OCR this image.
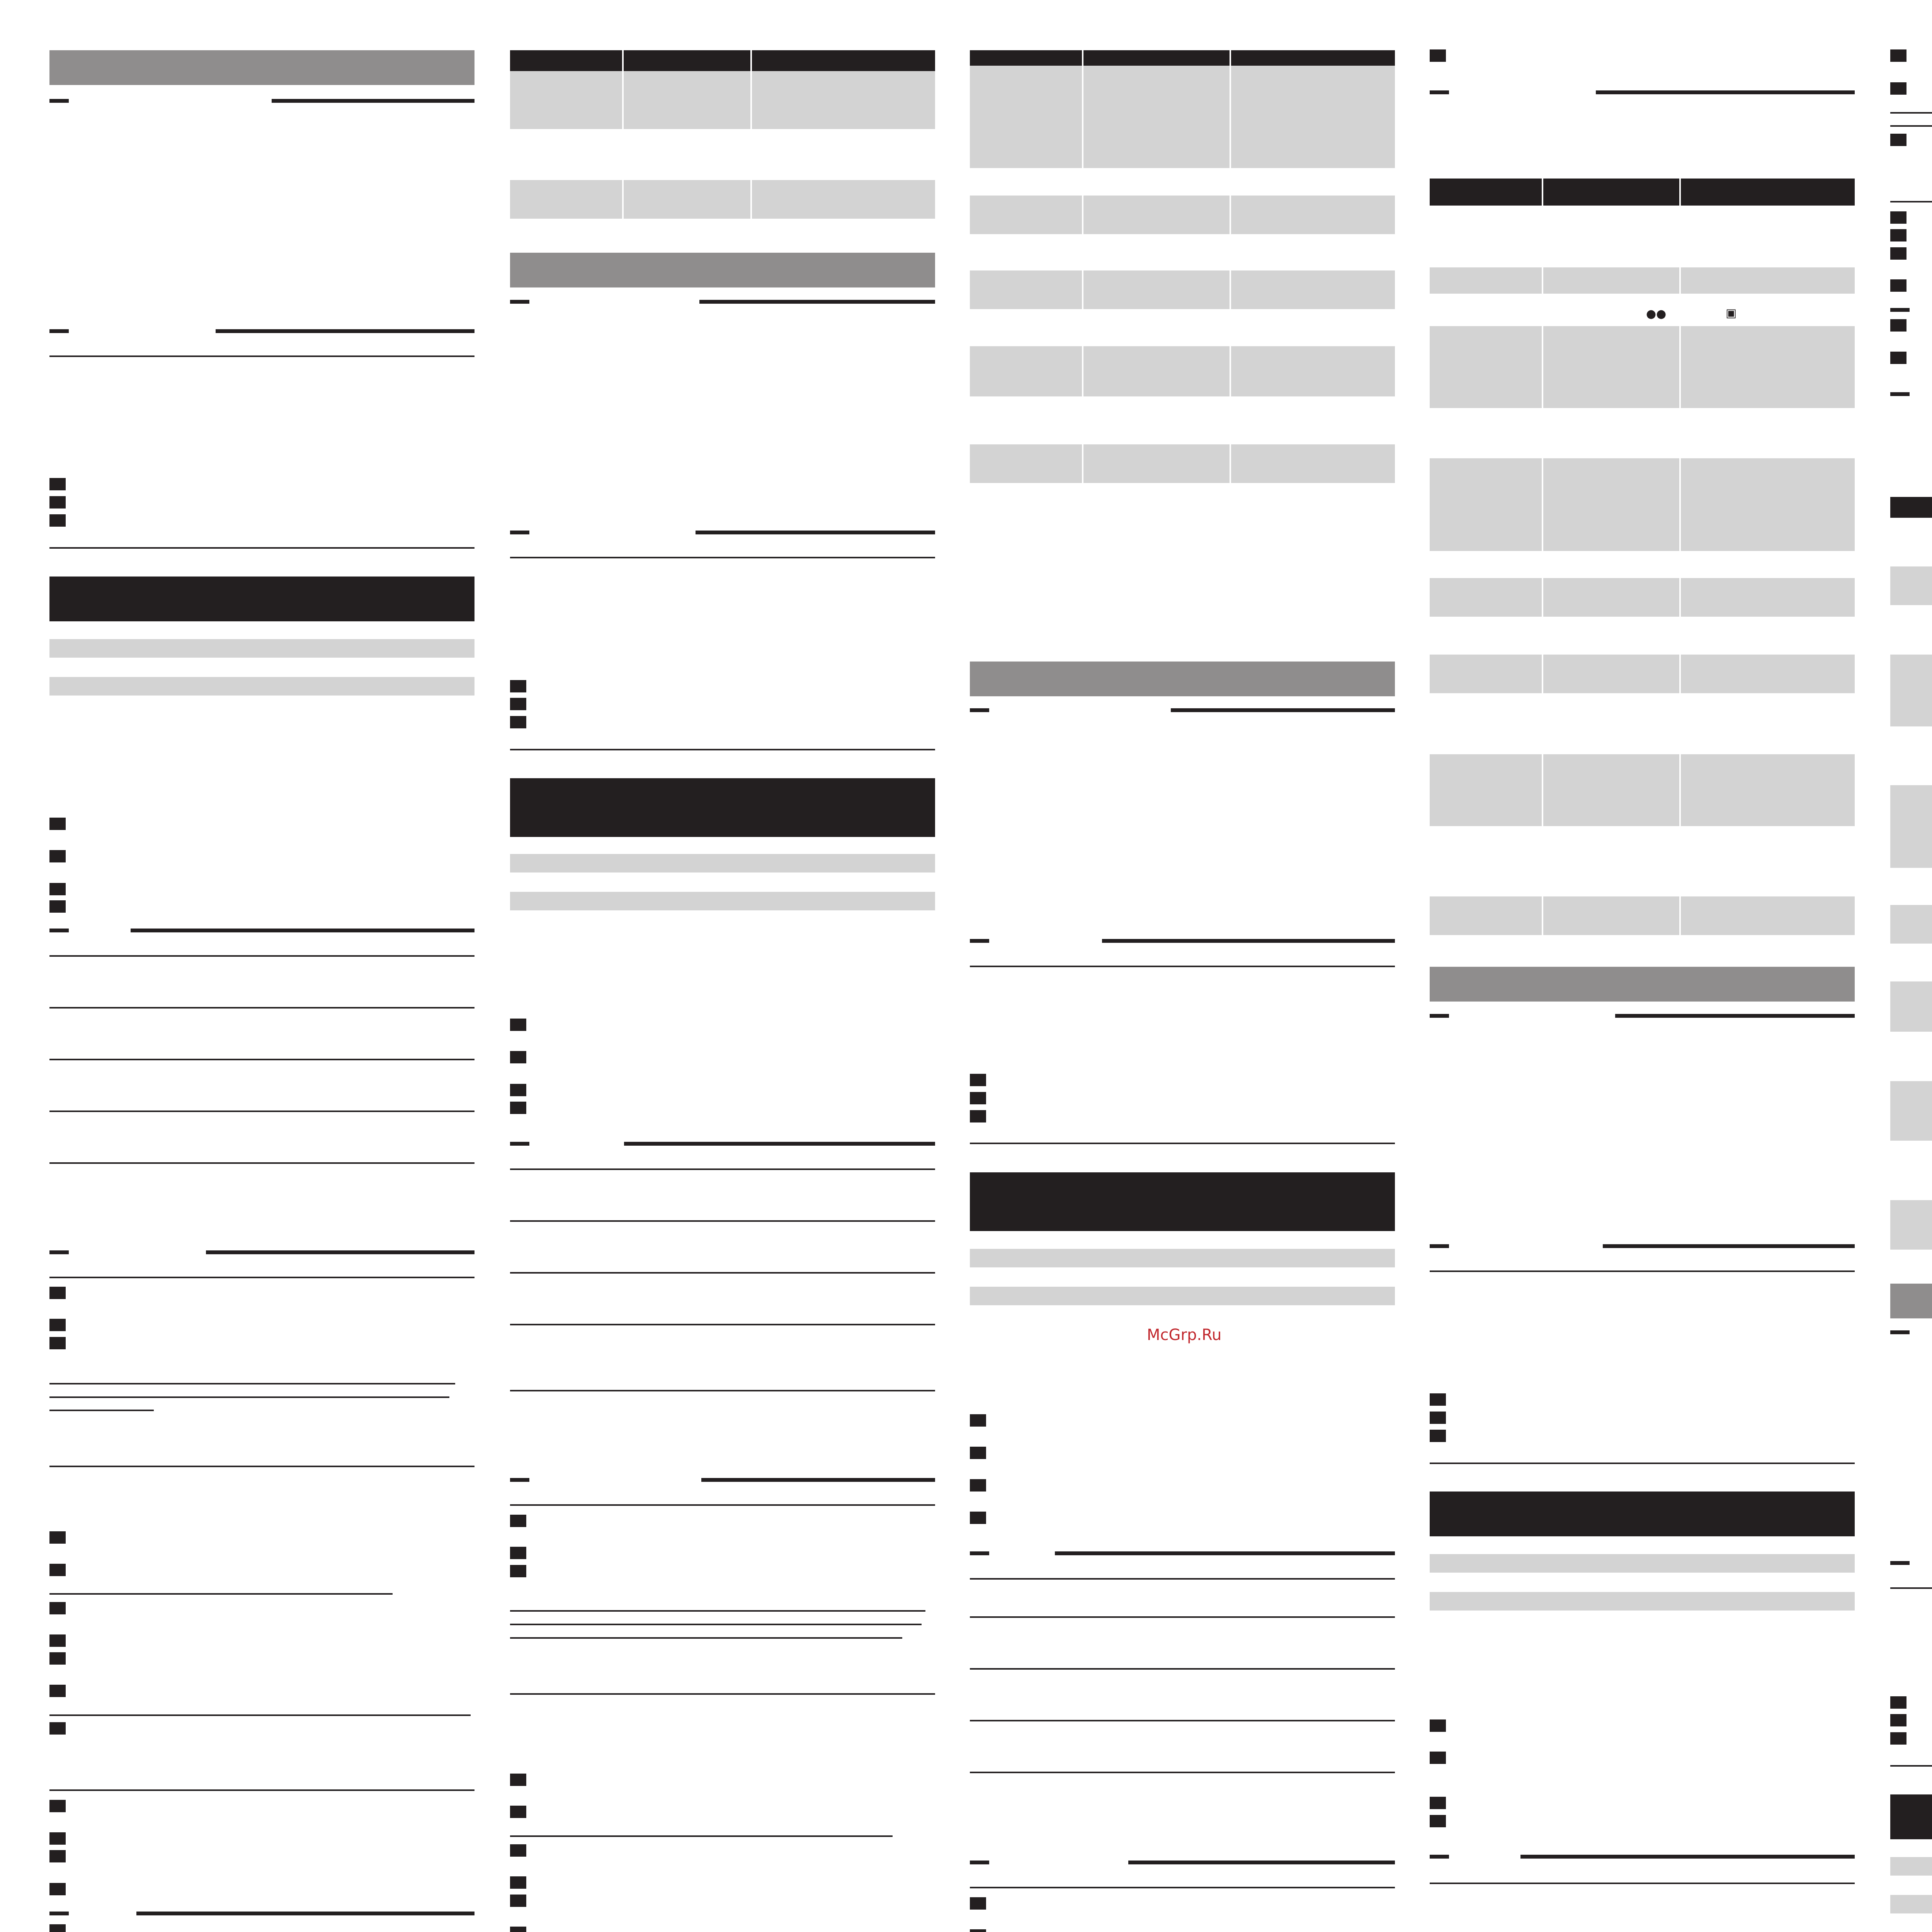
McGrp.Ru
●●	▣
